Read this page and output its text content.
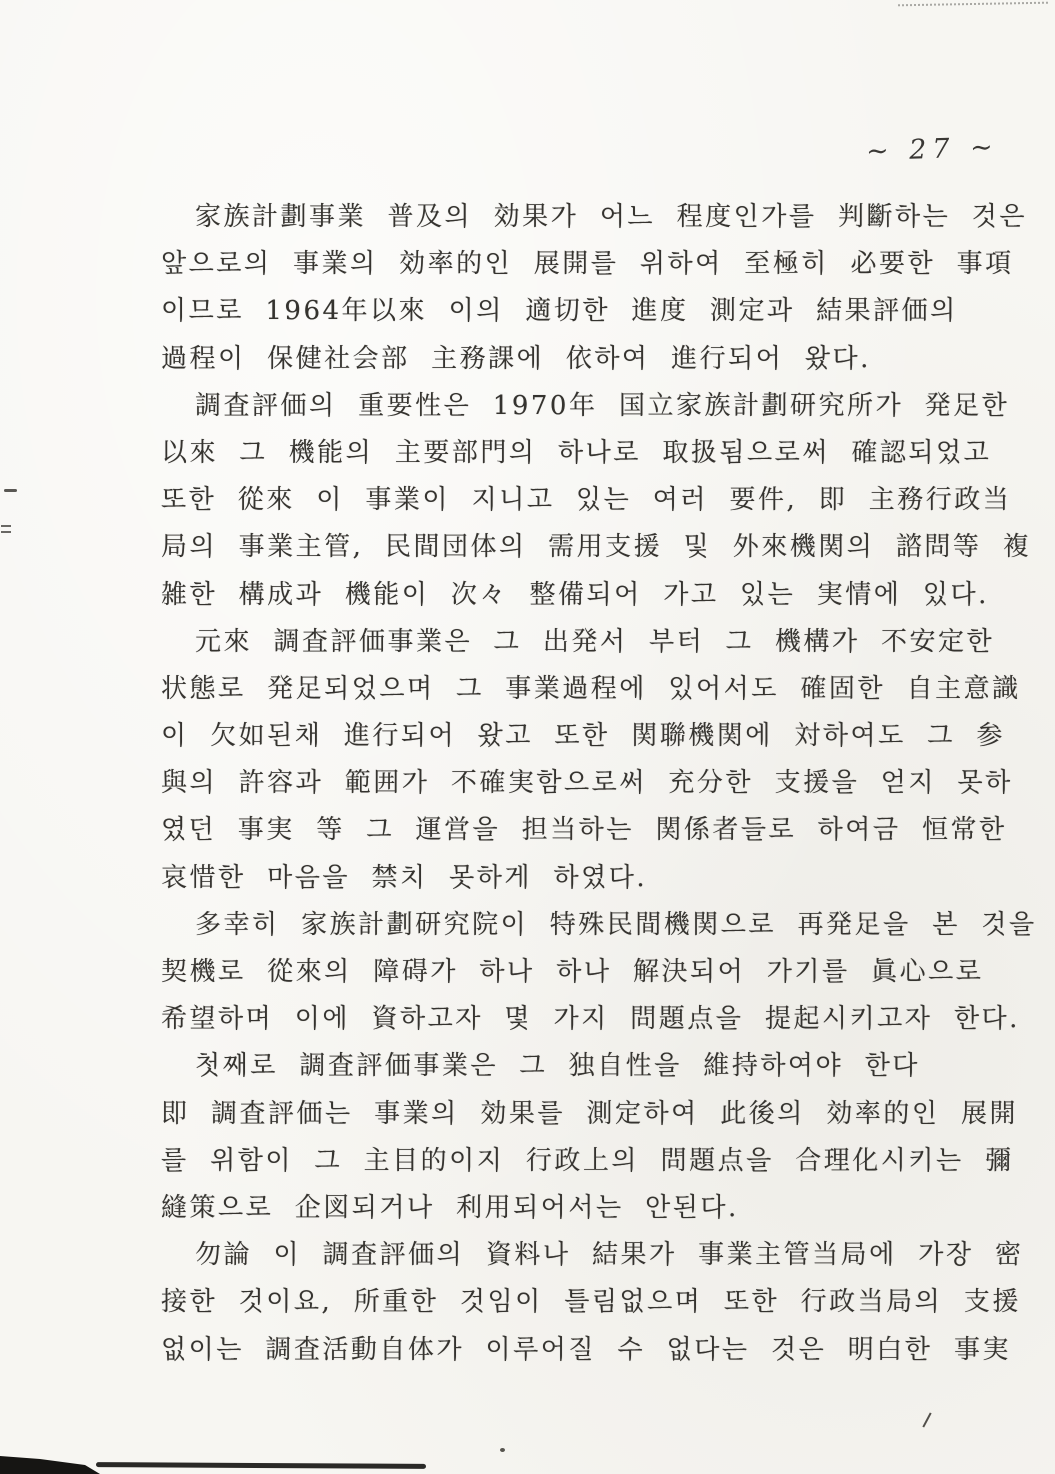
~ 27 ~
家族計劃事業  普及의  効果가  어느  程度인가를  判斷하는  것은
앞으로의  事業의  効率的인  展開를  위하여  至極히  必要한  事項
이므로  1964年以來  이의  適切한  進度  測定과  結果評価의
過程이  保健社会部  主務課에  依하여  進行되어  왔다.
調査評価의  重要性은  1970年  国立家族計劃研究所가  発足한
以來  그  機能의  主要部門의  하나로  取扱됨으로써  確認되었고
또한  從來  이  事業이  지니고  있는  여러  要件,  即  主務行政当
局의  事業主管,  民間団体의  需用支援  및  外來機関의  諮問等  複
雑한  構成과  機能이  次々  整備되어  가고  있는  実情에  있다.
元來  調査評価事業은  그  出発서  부터  그  機構가  不安定한
状態로  発足되었으며  그  事業過程에  있어서도  確固한  自主意識
이  欠如된채  進行되어  왔고  또한  関聯機関에  対하여도  그  参
與의  許容과  範囲가  不確実함으로써  充分한  支援을  얻지  못하
였던  事実  等  그  運営을  担当하는  関係者들로  하여금  恒常한
哀惜한  마음을  禁치  못하게  하였다.
多幸히  家族計劃研究院이  特殊民間機関으로  再発足을  본  것을
契機로  從來의  障碍가  하나  하나  解決되어  가기를  眞心으로
希望하며  이에  資하고자  몇  가지  問題点을  提起시키고자  한다.
첫째로  調査評価事業은  그  独自性을  維持하여야  한다
即  調査評価는  事業의  効果를  測定하여  此後의  効率的인  展開
를  위함이  그  主目的이지  行政上의  問題点을  合理化시키는  彌
縫策으로  企図되거나  利用되어서는  안된다.
勿論  이  調査評価의  資料나  結果가  事業主管当局에  가장  密
接한  것이요,  所重한  것임이  틀림없으며  또한  行政当局의  支援
없이는  調査活動自体가  이루어질  수  없다는  것은  明白한  事実
